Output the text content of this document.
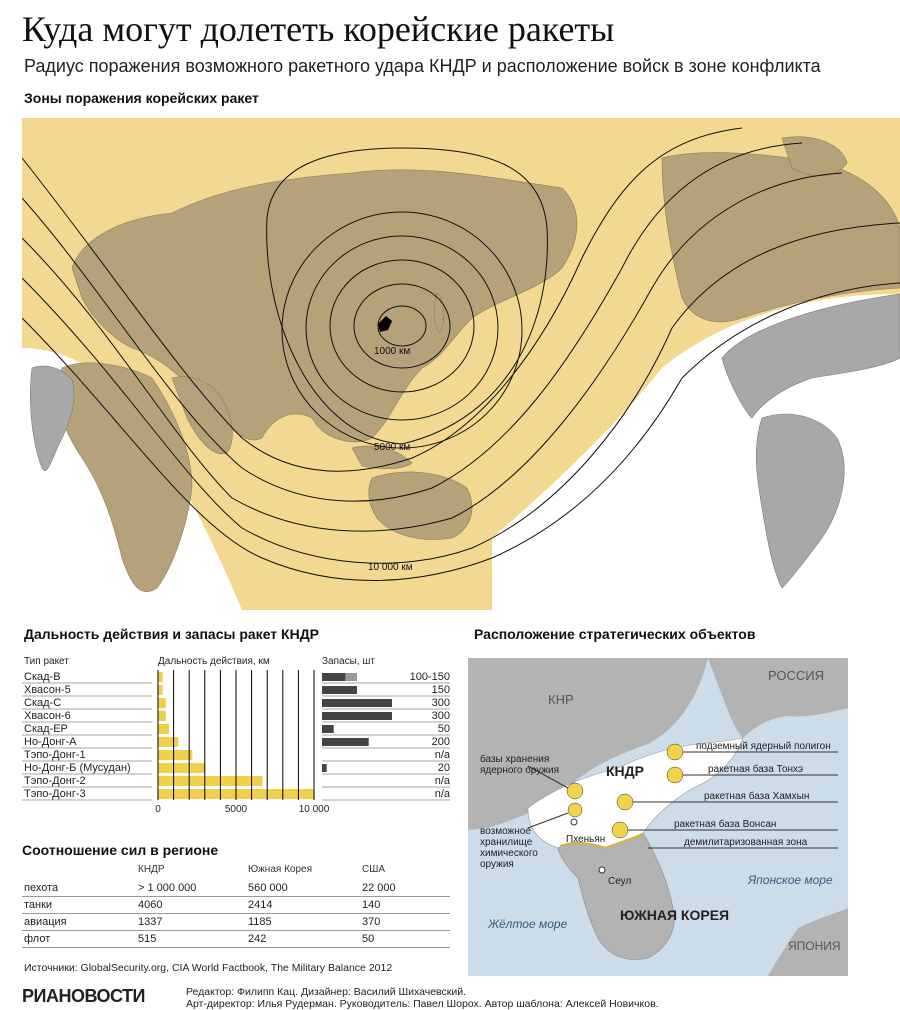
Куда могут долететь корейские ракеты
Радиус поражения возможного ракетного удара КНДР и расположение войск в зоне конфликта
Зоны поражения корейских ракет
1000 км
5000 км
10 000 км
Дальность действия и запасы ракет КНДР
Тип ракет	Дальность действия, км	Запасы, шт
Скад-В	100-150
Хвасон-5	150
Скад-С	300
Хвасон-6	300
Скад-ЕР	50
Но-Донг-А	200
Тэпо-Донг-1	n/a
Но-Донг-Б (Мусудан)	20
Тэпо-Донг-2	n/a
Тэпо-Донг-3	n/a
0	5000	10 000
Соотношение сил в регионе
КНДР	Южная Корея	США
пехота	> 1 000 000	560 000	22 000
танки	4060	2414	140
авиация	1337	1185	370
флот	515	242	50
Источники: GlobalSecurity.org, CIA World Factbook, The Military Balance 2012
Расположение стратегических объектов
РОССИЯ
КНР
КНДР
ЮЖНАЯ КОРЕЯ
ЯПОНИЯ
Японское море
Жёлтое море
Пхеньян
Сеул
подземный ядерный полигон
ракетная база Тонхэ
ракетная база Хамхын
ракетная база Вонсан
демилитаризованная зона
базы хранения ядерного оружия
возможное хранилище химического оружия
РИАНОВОСТИ	Редактор: Филипп Кац. Дизайнер: Василий Шихачевский.
Арт-директор: Илья Рудерман. Руководитель: Павел Шорох. Автор шаблона: Алексей Новичков.
